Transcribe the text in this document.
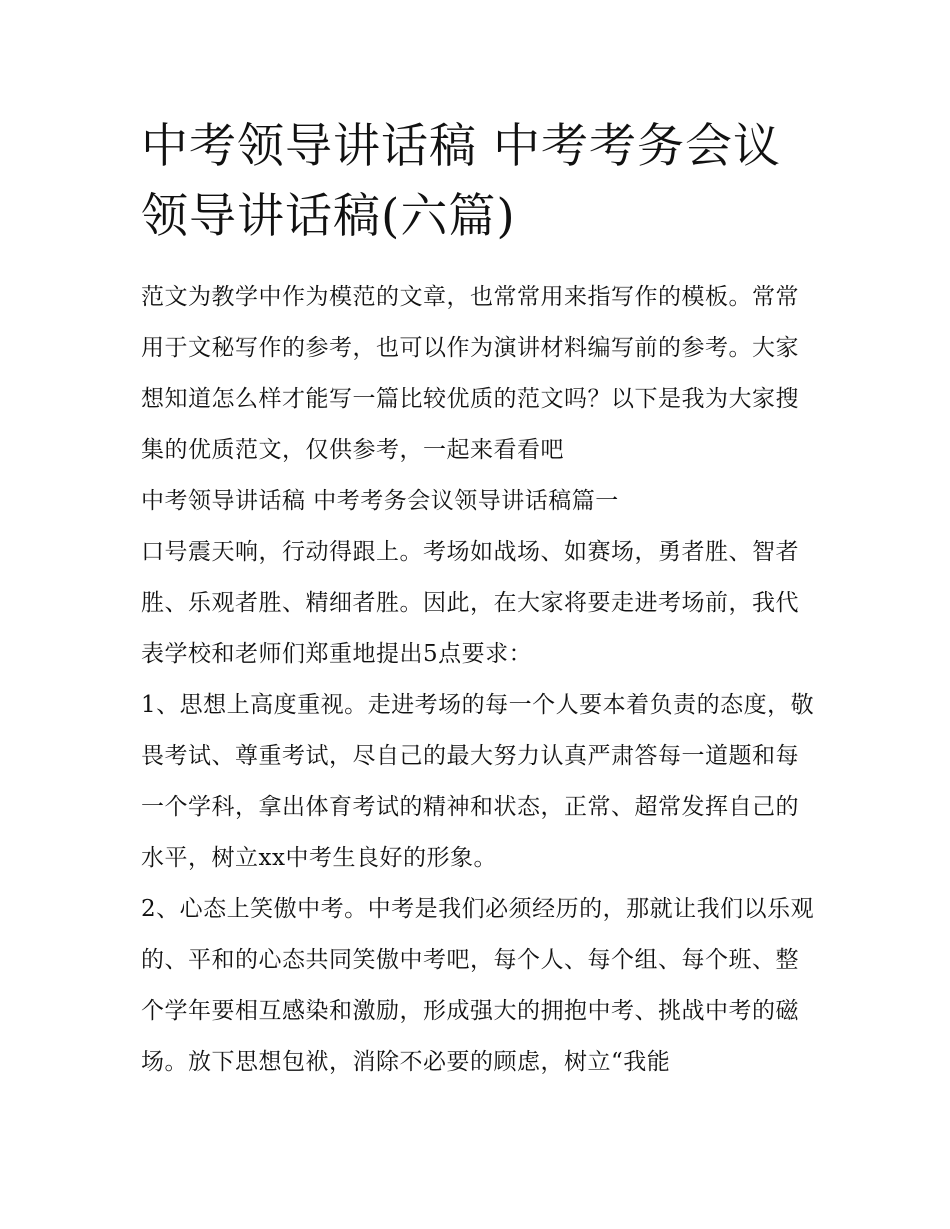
中考领导讲话稿 中考考务会议领导讲话稿(六篇)

范文为教学中作为模范的文章，也常常用来指写作的模板。常常用于文秘写作的参考，也可以作为演讲材料编写前的参考。大家想知道怎么样才能写一篇比较优质的范文吗？以下是我为大家搜集的优质范文，仅供参考，一起来看看吧

中考领导讲话稿 中考考务会议领导讲话稿篇一

口号震天响，行动得跟上。考场如战场、如赛场，勇者胜、智者胜、乐观者胜、精细者胜。因此，在大家将要走进考场前，我代表学校和老师们郑重地提出5点要求：

1、思想上高度重视。走进考场的每一个人要本着负责的态度，敬畏考试、尊重考试，尽自己的最大努力认真严肃答每一道题和每一个学科，拿出体育考试的精神和状态，正常、超常发挥自己的水平，树立xx中考生良好的形象。

2、心态上笑傲中考。中考是我们必须经历的，那就让我们以乐观的、平和的心态共同笑傲中考吧，每个人、每个组、每个班、整个学年要相互感染和激励，形成强大的拥抱中考、挑战中考的磁场。放下思想包袱，消除不必要的顾虑，树立“我能
